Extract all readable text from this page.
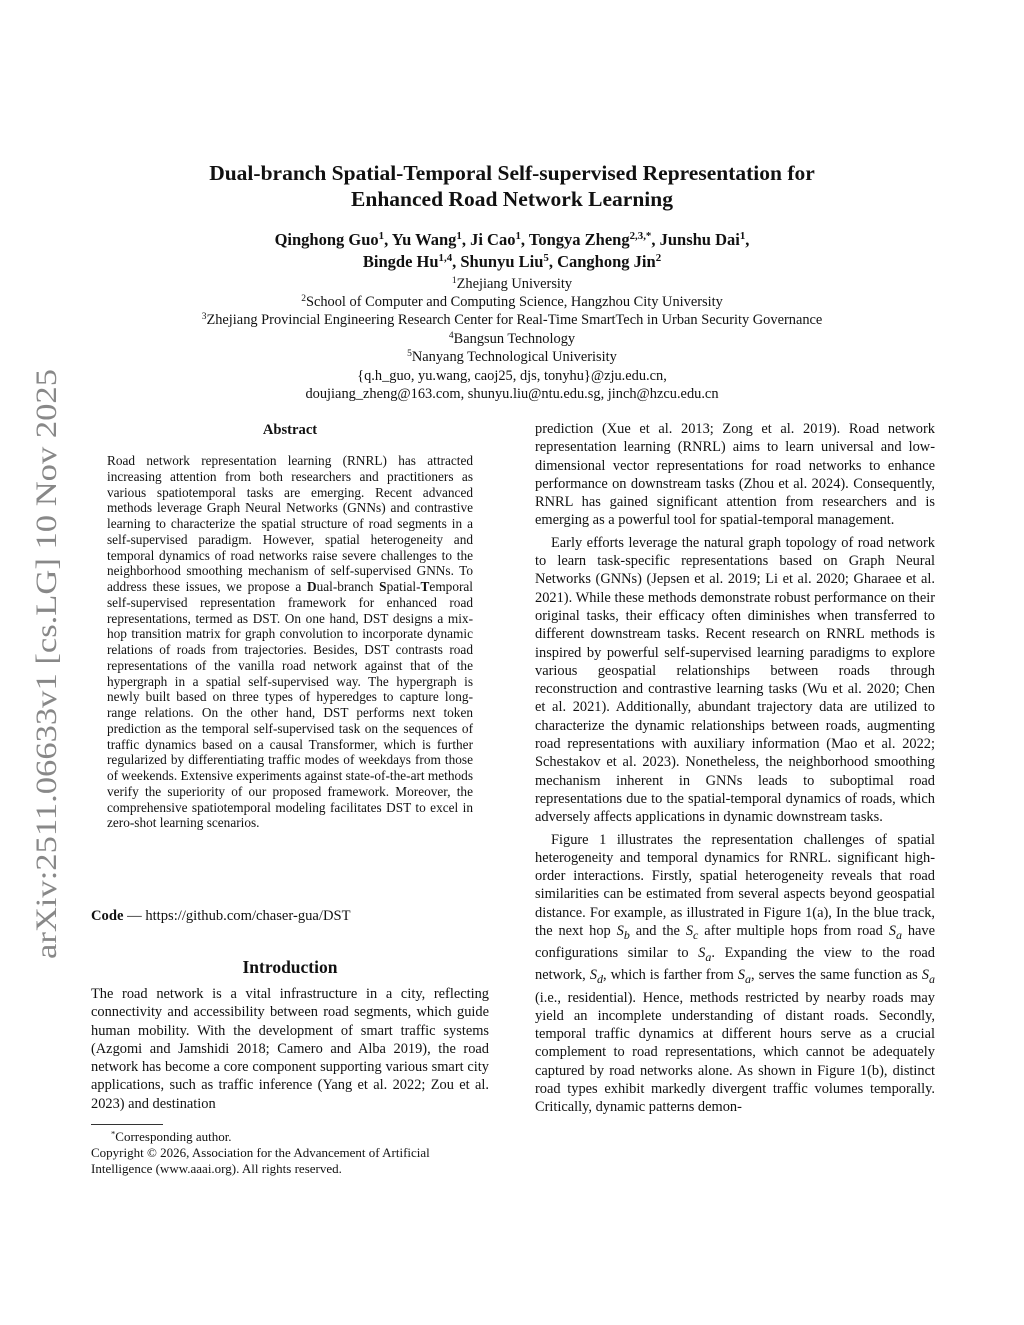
arXiv:2511.06633v1 [cs.LG] 10 Nov 2025
Dual-branch Spatial-Temporal Self-supervised Representation for
Enhanced Road Network Learning
Qinghong Guo$^1$, Yu Wang$^1$, Ji Cao$^1$, Tongya Zheng$^{2,3,*}$, Junshu Dai$^1$,
Bingde Hu$^{1,4}$, Shunyu Liu$^5$, Canghong Jin$^2$
$^1$Zhejiang University
$^2$School of Computer and Computing Science, Hangzhou City University
$^3$Zhejiang Provincial Engineering Research Center for Real-Time SmartTech in Urban Security Governance
$^4$Bangsun Technology
$^5$Nanyang Technological Univerisity
{q.h_guo, yu.wang, caoj25, djs, tonyhu}@zju.edu.cn,
doujiang_zheng@163.com, shunyu.liu@ntu.edu.sg, jinch@hzcu.edu.cn
Abstract
Road network representation learning (RNRL) has attracted increasing attention from both researchers and practitioners as various spatiotemporal tasks are emerging. Recent advanced methods leverage Graph Neural Networks (GNNs) and contrastive learning to characterize the spatial structure of road segments in a self-supervised paradigm. However, spatial heterogeneity and temporal dynamics of road networks raise severe challenges to the neighborhood smoothing mechanism of self-supervised GNNs. To address these issues, we propose a Dual-branch Spatial-Temporal self-supervised representation framework for enhanced road representations, termed as DST. On one hand, DST designs a mix-hop transition matrix for graph convolution to incorporate dynamic relations of roads from trajectories. Besides, DST contrasts road representations of the vanilla road network against that of the hypergraph in a spatial self-supervised way. The hypergraph is newly built based on three types of hyperedges to capture long-range relations. On the other hand, DST performs next token prediction as the temporal self-supervised task on the sequences of traffic dynamics based on a causal Transformer, which is further regularized by differentiating traffic modes of weekdays from those of weekends. Extensive experiments against state-of-the-art methods verify the superiority of our proposed framework. Moreover, the comprehensive spatiotemporal modeling facilitates DST to excel in zero-shot learning scenarios.
Code — https://github.com/chaser-gua/DST
Introduction

The road network is a vital infrastructure in a city, reflecting connectivity and accessibility between road segments, which guide human mobility. With the development of smart traffic systems (Azgomi and Jamshidi 2018; Camero and Alba 2019), the road network has become a core component supporting various smart city applications, such as traffic inference (Yang et al. 2022; Zou et al. 2023) and destination

*Corresponding author.
Copyright © 2026, Association for the Advancement of Artificial Intelligence (www.aaai.org). All rights reserved.

prediction (Xue et al. 2013; Zong et al. 2019). Road network representation learning (RNRL) aims to learn universal and low-dimensional vector representations for road networks to enhance performance on downstream tasks (Zhou et al. 2024). Consequently, RNRL has gained significant attention from researchers and is emerging as a powerful tool for spatial-temporal management.

Early efforts leverage the natural graph topology of road network to learn task-specific representations based on Graph Neural Networks (GNNs) (Jepsen et al. 2019; Li et al. 2020; Gharaee et al. 2021). While these methods demonstrate robust performance on their original tasks, their efficacy often diminishes when transferred to different downstream tasks. Recent research on RNRL methods is inspired by powerful self-supervised learning paradigms to explore various geospatial relationships between roads through reconstruction and contrastive learning tasks (Wu et al. 2020; Chen et al. 2021). Additionally, abundant trajectory data are utilized to characterize the dynamic relationships between roads, augmenting road representations with auxiliary information (Mao et al. 2022; Schestakov et al. 2023). Nonetheless, the neighborhood smoothing mechanism inherent in GNNs leads to suboptimal road representations due to the spatial-temporal dynamics of roads, which adversely affects applications in dynamic downstream tasks.

Figure 1 illustrates the representation challenges of spatial heterogeneity and temporal dynamics for RNRL. significant high-order interactions. Firstly, spatial heterogeneity reveals that road similarities can be estimated from several aspects beyond geospatial distance. For example, as illustrated in Figure 1(a), In the blue track, the next hop $S_b$ and the $S_c$ after multiple hops from road $S_a$ have configurations similar to $S_a$. Expanding the view to the road network, $S_d$, which is farther from $S_a$, serves the same function as $S_a$ (i.e., residential). Hence, methods restricted by nearby roads may yield an incomplete understanding of distant roads. Secondly, temporal traffic dynamics at different hours serve as a crucial complement to road representations, which cannot be adequately captured by road networks alone. As shown in Figure 1(b), distinct road types exhibit markedly divergent traffic volumes temporally. Critically, dynamic patterns demon-
